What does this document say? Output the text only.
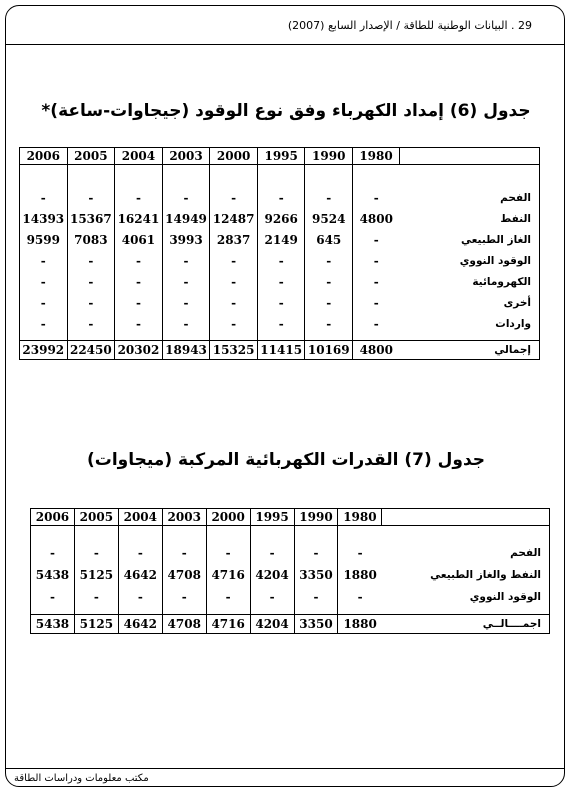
29 . البيانات الوطنية للطاقة / الإصدار السابع (2007)
مكتب معلومات ودراسات الطاقة
جدول (6) إمداد الكهرباء وفق نوع الوقود (جيجاوات-ساعة)*
2006	2005	2004	2003	2000	1995	1990	1980	

-	-	-	-	-	-	-	-	الفحم
14393	15367	16241	14949	12487	9266	9524	4800	النفط
9599	7083	4061	3993	2837	2149	645	-	الغاز الطبيعي
-	-	-	-	-	-	-	-	الوقود النووي
-	-	-	-	-	-	-	-	الكهرومائية
-	-	-	-	-	-	-	-	أخرى
-	-	-	-	-	-	-	-	واردات

23992	22450	20302	18943	15325	11415	10169	4800	إجمالي
جدول (7) القدرات الكهربائية المركبة (ميجاوات)
2006	2005	2004	2003	2000	1995	1990	1980	

-	-	-	-	-	-	-	-	الفحم
5438	5125	4642	4708	4716	4204	3350	1880	النفط والغاز الطبيعي
-	-	-	-	-	-	-	-	الوقود النووي

5438	5125	4642	4708	4716	4204	3350	1880	اجمــــالــي
